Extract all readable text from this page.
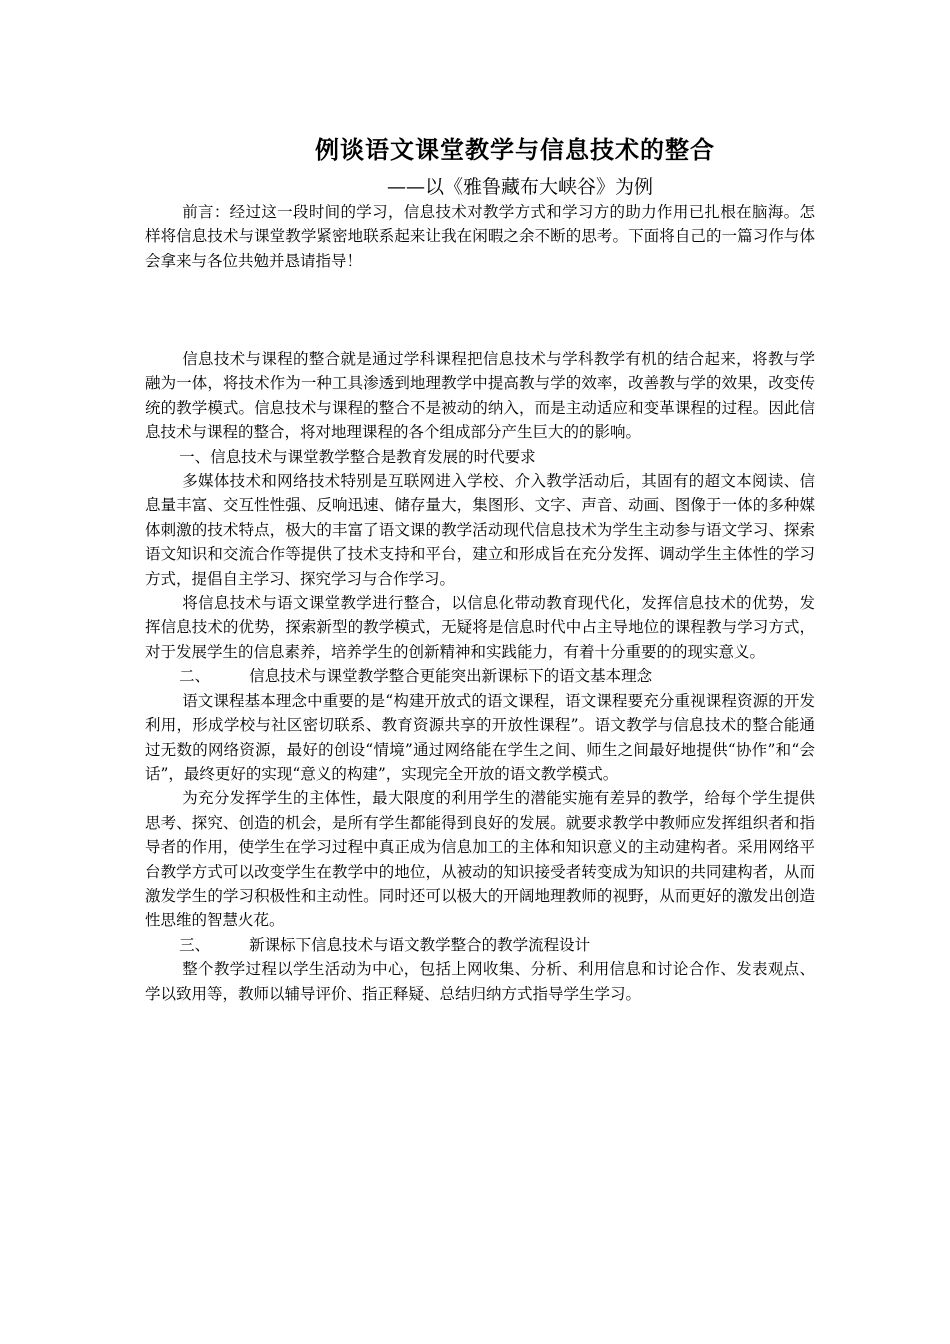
例谈语文课堂教学与信息技术的整合
——以《雅鲁藏布大峡谷》为例

前言：经过这一段时间的学习，信息技术对教学方式和学习方的助力作用已扎根在脑海。怎样将信息技术与课堂教学紧密地联系起来让我在闲暇之余不断的思考。下面将自己的一篇习作与体会拿来与各位共勉并恳请指导！

信息技术与课程的整合就是通过学科课程把信息技术与学科教学有机的结合起来，将教与学融为一体，将技术作为一种工具渗透到地理教学中提高教与学的效率，改善教与学的效果，改变传统的教学模式。信息技术与课程的整合不是被动的纳入，而是主动适应和变革课程的过程。因此信息技术与课程的整合，将对地理课程的各个组成部分产生巨大的的影响。

一、信息技术与课堂教学整合是教育发展的时代要求

多媒体技术和网络技术特别是互联网进入学校、介入教学活动后，其固有的超文本阅读、信息量丰富、交互性性强、反响迅速、储存量大，集图形、文字、声音、动画、图像于一体的多种媒体刺激的技术特点，极大的丰富了语文课的教学活动现代信息技术为学生主动参与语文学习、探索语文知识和交流合作等提供了技术支持和平台，建立和形成旨在充分发挥、调动学生主体性的学习方式，提倡自主学习、探究学习与合作学习。

将信息技术与语文课堂教学进行整合，以信息化带动教育现代化，发挥信息技术的优势，发挥信息技术的优势，探索新型的教学模式，无疑将是信息时代中占主导地位的课程教与学习方式，对于发展学生的信息素养，培养学生的创新精神和实践能力，有着十分重要的的现实意义。

二、	信息技术与课堂教学整合更能突出新课标下的语文基本理念

语文课程基本理念中重要的是“构建开放式的语文课程，语文课程要充分重视课程资源的开发利用，形成学校与社区密切联系、教育资源共享的开放性课程”。语文教学与信息技术的整合能通过无数的网络资源，最好的创设“情境”通过网络能在学生之间、师生之间最好地提供“协作”和“会话”，最终更好的实现“意义的构建”，实现完全开放的语文教学模式。

为充分发挥学生的主体性，最大限度的利用学生的潜能实施有差异的教学，给每个学生提供思考、探究、创造的机会，是所有学生都能得到良好的发展。就要求教学中教师应发挥组织者和指导者的作用，使学生在学习过程中真正成为信息加工的主体和知识意义的主动建构者。采用网络平台教学方式可以改变学生在教学中的地位，从被动的知识接受者转变成为知识的共同建构者，从而激发学生的学习积极性和主动性。同时还可以极大的开阔地理教师的视野，从而更好的激发出创造性思维的智慧火花。

三、	新课标下信息技术与语文教学整合的教学流程设计

整个教学过程以学生活动为中心，包括上网收集、分析、利用信息和讨论合作、发表观点、学以致用等，教师以辅导评价、指正释疑、总结归纳方式指导学生学习。
